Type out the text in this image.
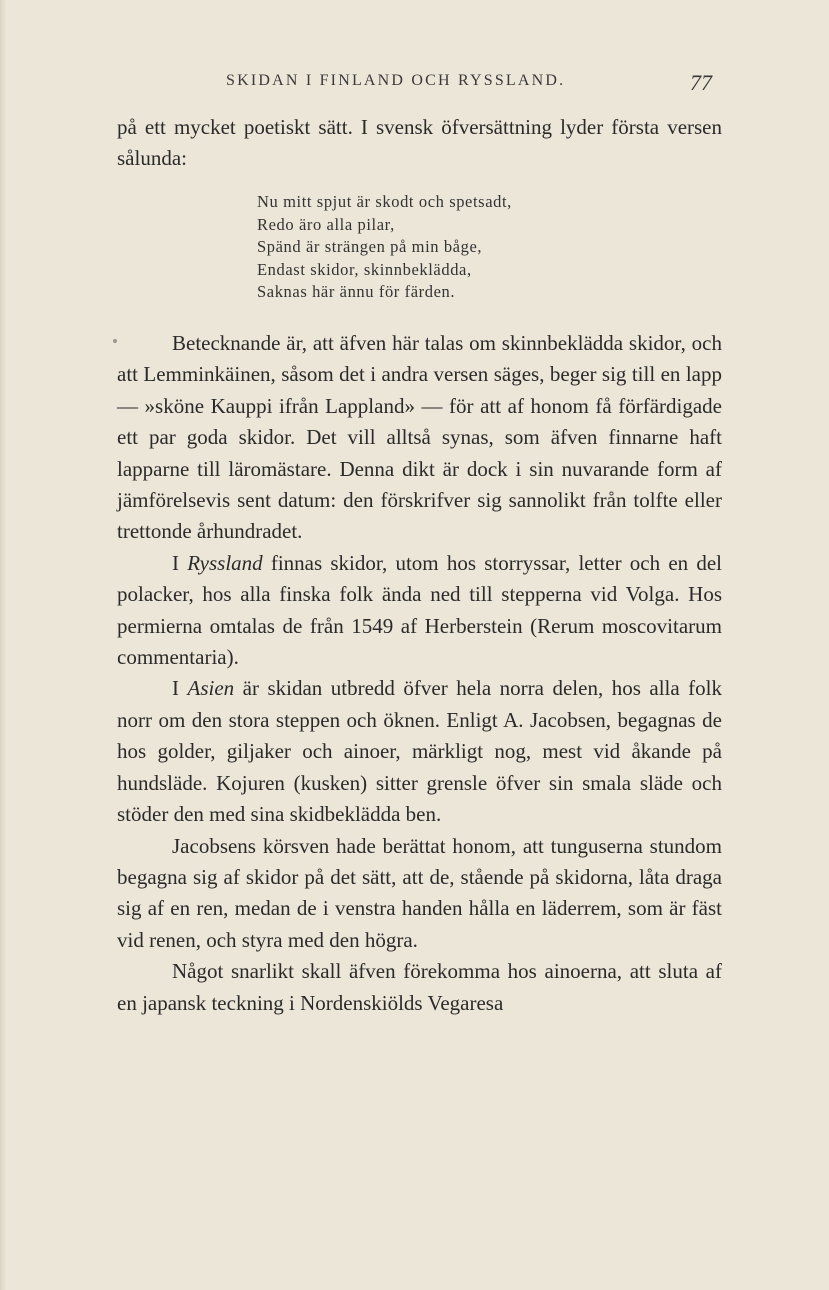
SKIDAN I FINLAND OCH RYSSLAND.	77

på ett mycket poetiskt sätt. I svensk öfversättning lyder första versen sålunda:

Nu mitt spjut är skodt och spetsadt,
Redo äro alla pilar,
Spänd är strängen på min båge,
Endast skidor, skinnbeklädda,
Saknas här ännu för färden.

Betecknande är, att äfven här talas om skinnbeklädda skidor, och att Lemminkäinen, såsom det i andra versen säges, beger sig till en lapp — »sköne Kauppi ifrån Lappland» — för att af honom få förfärdigade ett par goda skidor. Det vill alltså synas, som äfven finnarne haft lapparne till läromästare. Denna dikt är dock i sin nuvarande form af jämförelsevis sent datum: den förskrifver sig sannolikt från tolfte eller trettonde århundradet.

I Ryssland finnas skidor, utom hos storryssar, letter och en del polacker, hos alla finska folk ända ned till stepperna vid Volga. Hos permierna omtalas de från 1549 af Herberstein (Rerum moscovitarum commentaria).

I Asien är skidan utbredd öfver hela norra delen, hos alla folk norr om den stora steppen och öknen. Enligt A. Jacobsen, begagnas de hos golder, giljaker och ainoer, märkligt nog, mest vid åkande på hundsläde. Kojuren (kusken) sitter grensle öfver sin smala släde och stöder den med sina skidbeklädda ben.

Jacobsens körsven hade berättat honom, att tunguserna stundom begagna sig af skidor på det sätt, att de, stående på skidorna, låta draga sig af en ren, medan de i venstra handen hålla en läderrem, som är fäst vid renen, och styra med den högra.

Något snarlikt skall äfven förekomma hos ainoerna, att sluta af en japansk teckning i Nordenskiölds Vegaresa
